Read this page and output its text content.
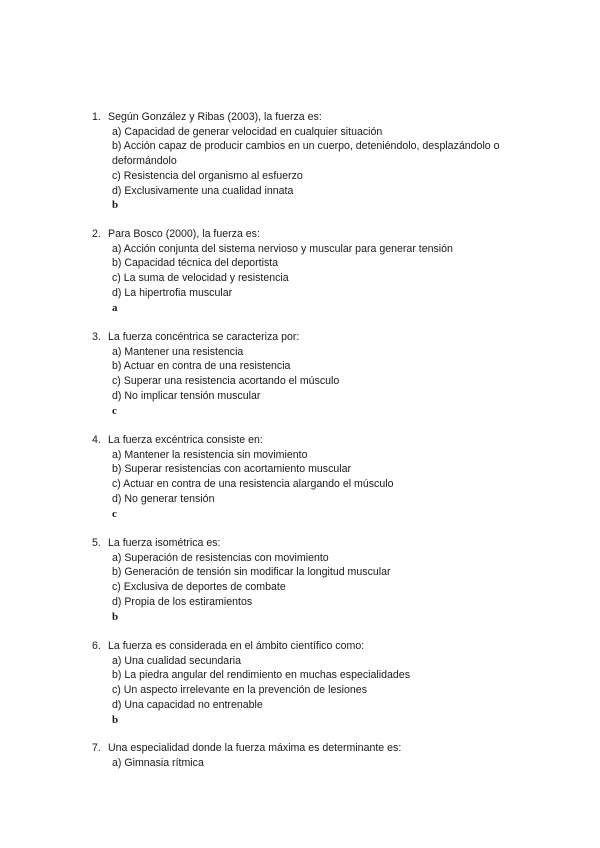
1. Según González y Ribas (2003), la fuerza es:
a) Capacidad de generar velocidad en cualquier situación
b) Acción capaz de producir cambios en un cuerpo, deteniéndolo, desplazándolo o deformándolo
c) Resistencia del organismo al esfuerzo
d) Exclusivamente una cualidad innata
b
2. Para Bosco (2000), la fuerza es:
a) Acción conjunta del sistema nervioso y muscular para generar tensión
b) Capacidad técnica del deportista
c) La suma de velocidad y resistencia
d) La hipertrofia muscular
a
3. La fuerza concéntrica se caracteriza por:
a) Mantener una resistencia
b) Actuar en contra de una resistencia
c) Superar una resistencia acortando el músculo
d) No implicar tensión muscular
c
4. La fuerza excéntrica consiste en:
a) Mantener la resistencia sin movimiento
b) Superar resistencias con acortamiento muscular
c) Actuar en contra de una resistencia alargando el músculo
d) No generar tensión
c
5. La fuerza isométrica es:
a) Superación de resistencias con movimiento
b) Generación de tensión sin modificar la longitud muscular
c) Exclusiva de deportes de combate
d) Propia de los estiramientos
b
6. La fuerza es considerada en el ámbito científico como:
a) Una cualidad secundaria
b) La piedra angular del rendimiento en muchas especialidades
c) Un aspecto irrelevante en la prevención de lesiones
d) Una capacidad no entrenable
b
7. Una especialidad donde la fuerza máxima es determinante es:
a) Gimnasia rítmica
